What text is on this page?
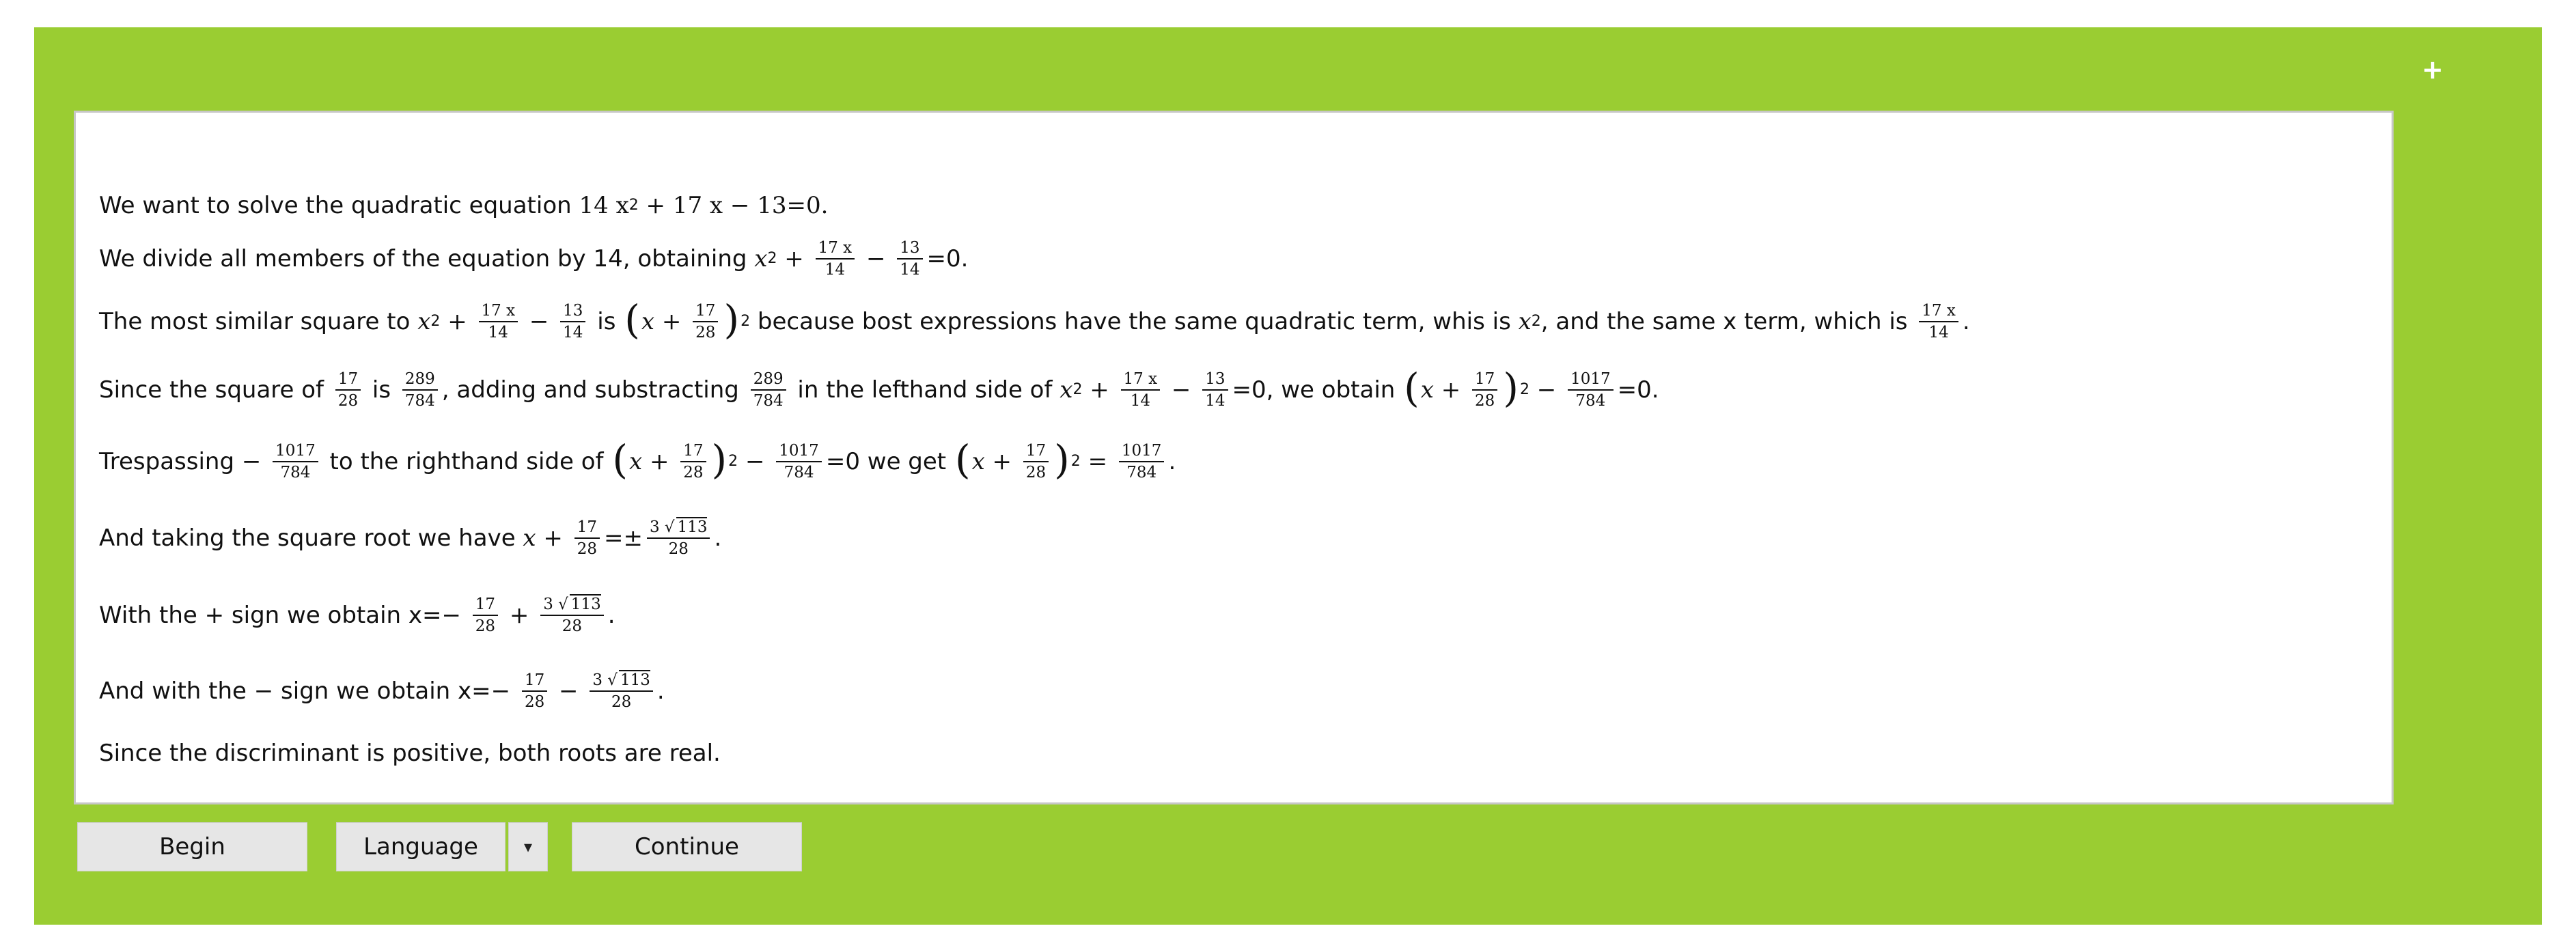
+
We want to solve the quadratic equation 14 x 2 + 17 x − 13=0.
We divide all members of the equation by 14, obtaining x $2 + \frac{17 x}{14} - \frac{13}{14} =0$.
The most similar square to x $2 + \frac{17 x}{14} - \frac{13}{14}$ is ( $x + \frac{17}{28}$ ) 2 because bost expressions have the same quadratic term, whis is x 2 , and the same x term, which is $\frac{17 x}{14}$ .
Since the square of $\frac{17}{28}$ is $\frac{289}{784}$ , adding and substracting $\frac{289}{784}$ in the lefthand side of x $2 + \frac{17 x}{14} - \frac{13}{14} =0$, we obtain ( $x + \frac{17}{28}$ ) $2 - \frac{1017}{784} =0$.
Trespassing − $\frac{1017}{784}$ to the righthand side of ( $x + \frac{17}{28}$ ) $2 - \frac{1017}{784} =0$ we get ( $x + \frac{17}{28}$ ) $2 = \frac{1017}{784}$ .
And taking the square root we have $x + \frac{17}{28} =\pm \frac{3 √ 113}{28}$ .
With the + sign we obtain $x= - \frac{17}{28} + \frac{3 √ 113}{28}$ .
And with the − sign we obtain $x= - \frac{17}{28} - \frac{3 √ 113}{28}$ .
Since the discriminant is positive, both roots are real.
Begin	Language	▾	Continue
